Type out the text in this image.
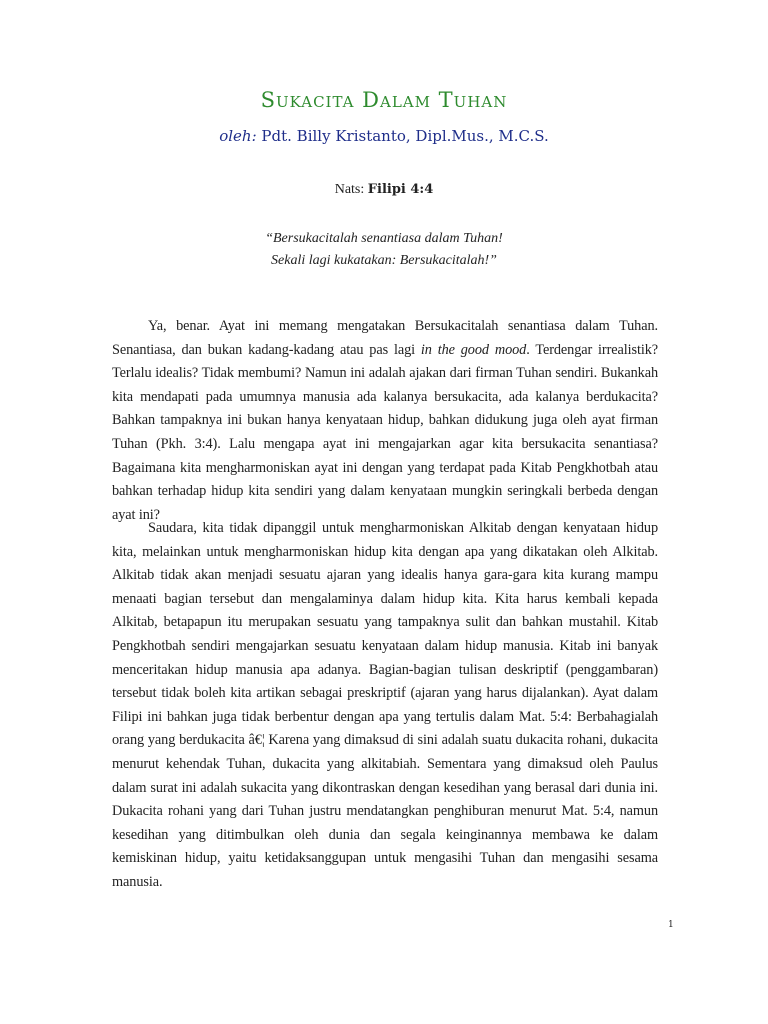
Sukacita Dalam Tuhan

oleh: Pdt. Billy Kristanto, Dipl.Mus., M.C.S.

Nats: Filipi 4:4

“Bersukacitalah senantiasa dalam Tuhan!
Sekali lagi kukatakan: Bersukacitalah!”

Ya, benar. Ayat ini memang mengatakan Bersukacitalah senantiasa dalam Tuhan. Senantiasa, dan bukan kadang-kadang atau pas lagi in the good mood. Terdengar irrealistik? Terlalu idealis? Tidak membumi? Namun ini adalah ajakan dari firman Tuhan sendiri. Bukankah kita mendapati pada umumnya manusia ada kalanya bersukacita, ada kalanya berdukacita? Bahkan tampaknya ini bukan hanya kenyataan hidup, bahkan didukung juga oleh ayat firman Tuhan (Pkh. 3:4). Lalu mengapa ayat ini mengajarkan agar kita bersukacita senantiasa? Bagaimana kita mengharmoniskan ayat ini dengan yang terdapat pada Kitab Pengkhotbah atau bahkan terhadap hidup kita sendiri yang dalam kenyataan mungkin seringkali berbeda dengan ayat ini?

Saudara, kita tidak dipanggil untuk mengharmoniskan Alkitab dengan kenyataan hidup kita, melainkan untuk mengharmoniskan hidup kita dengan apa yang dikatakan oleh Alkitab. Alkitab tidak akan menjadi sesuatu ajaran yang idealis hanya gara-gara kita kurang mampu menaati bagian tersebut dan mengalaminya dalam hidup kita. Kita harus kembali kepada Alkitab, betapapun itu merupakan sesuatu yang tampaknya sulit dan bahkan mustahil. Kitab Pengkhotbah sendiri mengajarkan sesuatu kenyataan dalam hidup manusia. Kitab ini banyak menceritakan hidup manusia apa adanya. Bagian-bagian tulisan deskriptif (penggambaran) tersebut tidak boleh kita artikan sebagai preskriptif (ajaran yang harus dijalankan). Ayat dalam Filipi ini bahkan juga tidak berbentur dengan apa yang tertulis dalam Mat. 5:4: Berbahagialah orang yang berdukacita â€¦ Karena yang dimaksud di sini adalah suatu dukacita rohani, dukacita menurut kehendak Tuhan, dukacita yang alkitabiah. Sementara yang dimaksud oleh Paulus dalam surat ini adalah sukacita yang dikontraskan dengan kesedihan yang berasal dari dunia ini. Dukacita rohani yang dari Tuhan justru mendatangkan penghiburan menurut Mat. 5:4, namun kesedihan yang ditimbulkan oleh dunia dan segala keinginannya membawa ke dalam kemiskinan hidup, yaitu ketidaksanggupan untuk mengasihi Tuhan dan mengasihi sesama manusia.

1
